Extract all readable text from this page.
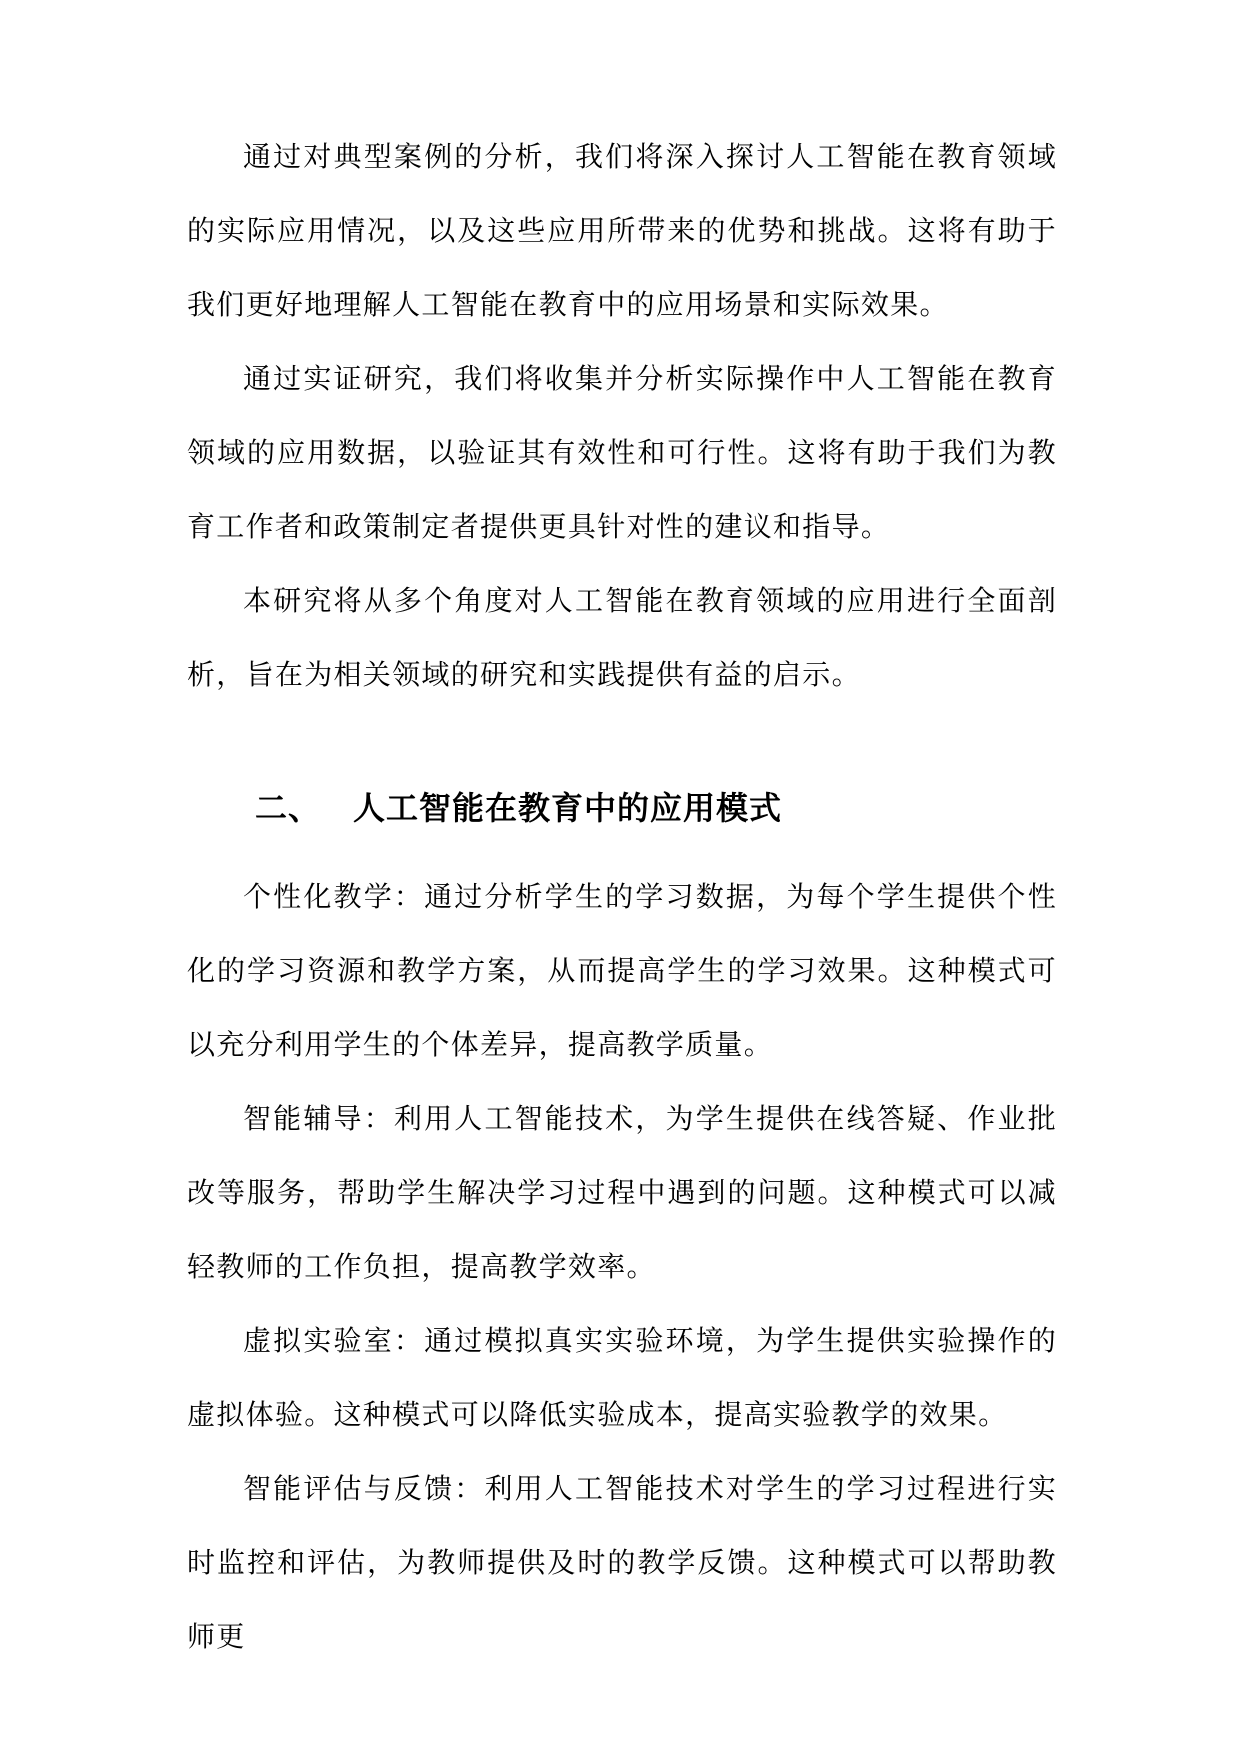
通过对典型案例的分析，我们将深入探讨人工智能在教育领域的实际应用情况，以及这些应用所带来的优势和挑战。这将有助于我们更好地理解人工智能在教育中的应用场景和实际效果。

通过实证研究，我们将收集并分析实际操作中人工智能在教育领域的应用数据，以验证其有效性和可行性。这将有助于我们为教育工作者和政策制定者提供更具针对性的建议和指导。

本研究将从多个角度对人工智能在教育领域的应用进行全面剖析，旨在为相关领域的研究和实践提供有益的启示。

二、 人工智能在教育中的应用模式

个性化教学：通过分析学生的学习数据，为每个学生提供个性化的学习资源和教学方案，从而提高学生的学习效果。这种模式可以充分利用学生的个体差异，提高教学质量。

智能辅导：利用人工智能技术，为学生提供在线答疑、作业批改等服务，帮助学生解决学习过程中遇到的问题。这种模式可以减轻教师的工作负担，提高教学效率。

虚拟实验室：通过模拟真实实验环境，为学生提供实验操作的虚拟体验。这种模式可以降低实验成本，提高实验教学的效果。

智能评估与反馈：利用人工智能技术对学生的学习过程进行实时监控和评估，为教师提供及时的教学反馈。这种模式可以帮助教师更
